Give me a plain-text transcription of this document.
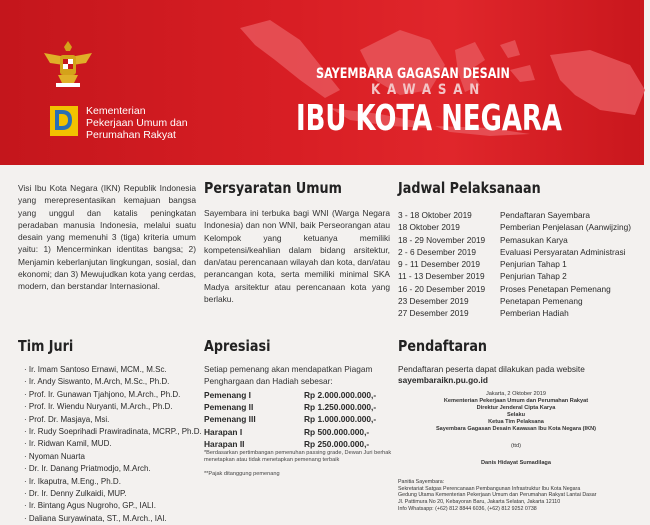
Kementerian
Pekerjaan Umum dan
Perumahan Rakyat
SAYEMBARA GAGASAN DESAIN
KAWASAN
IBU KOTA NEGARA

Visi Ibu Kota Negara (IKN) Republik Indonesia yang merepresentasikan kemajuan bangsa yang unggul dan katalis peningkatan peradaban manusia Indonesia, melalui suatu desain yang memenuhi 3 (tiga) kriteria umum yaitu: 1) Mencerminkan identitas bangsa; 2) Menjamin keberlanjutan lingkungan, sosial, dan ekonomi; dan 3) Mewujudkan kota yang cerdas, modern, dan berstandar Internasional.

Persyaratan Umum

Sayembara ini terbuka bagi WNI (Warga Negara Indonesia) dan non WNI, baik Perseorangan atau Kelompok yang ketuanya memiliki kompetensi/keahlian dalam bidang arsitektur, dan/atau perencanaan wilayah dan kota, dan/atau perancangan kota, serta memiliki minimal SKA Madya arsitektur atau perencanaan kota yang berlaku.

Jadwal Pelaksanaan
3 - 18 Oktober 2019	Pendaftaran Sayembara
18 Oktober 2019	Pemberian Penjelasan (Aanwijzing)
18 - 29 November 2019	Pemasukan Karya
2 - 6 Desember 2019	Evaluasi Persyaratan Administrasi
9 - 11 Desember 2019	Penjurian Tahap 1
11 - 13 Desember 2019	Penjurian Tahap 2
16 - 20 Desember 2019	Proses Penetapan Pemenang
23 Desember 2019	Penetapan Pemenang
27 Desember 2019	Pemberian Hadiah
Tim Juri
· Ir. Imam Santoso Ernawi, MCM., M.Sc.
· Ir. Andy Siswanto, M.Arch, M.Sc., Ph.D.
· Prof. Ir. Gunawan Tjahjono, M.Arch., Ph.D.
· Prof. Ir. Wiendu Nuryanti, M.Arch., Ph.D.
· Prof. Dr. Masjaya, Msi.
· Ir. Rudy Soeprihadi Prawiradinata, MCRP., Ph.D.
· Ir. Ridwan Kamil, MUD.
· Nyoman Nuarta
· Dr. Ir. Danang Priatmodjo, M.Arch.
· Ir. Ikaputra, M.Eng., Ph.D.
· Dr. Ir. Denny Zulkaidi, MUP.
· Ir. Bintang Agus Nugroho, GP., IALI.
· Daliana Suryawinata, ST., M.Arch., IAI.
Apresiasi

Setiap pemenang akan mendapatkan Piagam Penghargaan dan Hadiah sebesar:

Pemenang I	Rp 2.000.000.000,-
Pemenang II	Rp 1.250.000.000,-
Pemenang III	Rp 1.000.000.000,-
Harapan I	Rp 500.000.000,-
Harapan II	Rp 250.000.000,-

*Berdasarkan pertimbangan pemenuhan passing grade, Dewan Juri berhak menetapkan atau tidak menetapkan pemenang terbaik

**Pajak ditanggung pemenang

Pendaftaran

Pendaftaran peserta dapat dilakukan pada website

sayembaraikn.pu.go.id
Jakarta, 2 Oktober 2019
Kementerian Pekerjaan Umum dan Perumahan Rakyat
Direktur Jenderal Cipta Karya
Selaku
Ketua Tim Pelaksana
Sayembara Gagasan Desain Kawasan Ibu Kota Negara (IKN)
(ttd)
Danis Hidayat Sumadilaga
Panitia Sayembara:
Sekretariat Satgas Perencanaan Pembangunan Infrastruktur Ibu Kota Negara
Gedung Utama Kementerian Pekerjaan Umum dan Perumahan Rakyat Lantai Dasar
Jl. Pattimura No 20, Kebayoran Baru, Jakarta Selatan, Jakarta 12110
Info Whatsapp: (+62) 812 8844 6036, (+62) 812 9252 0738
